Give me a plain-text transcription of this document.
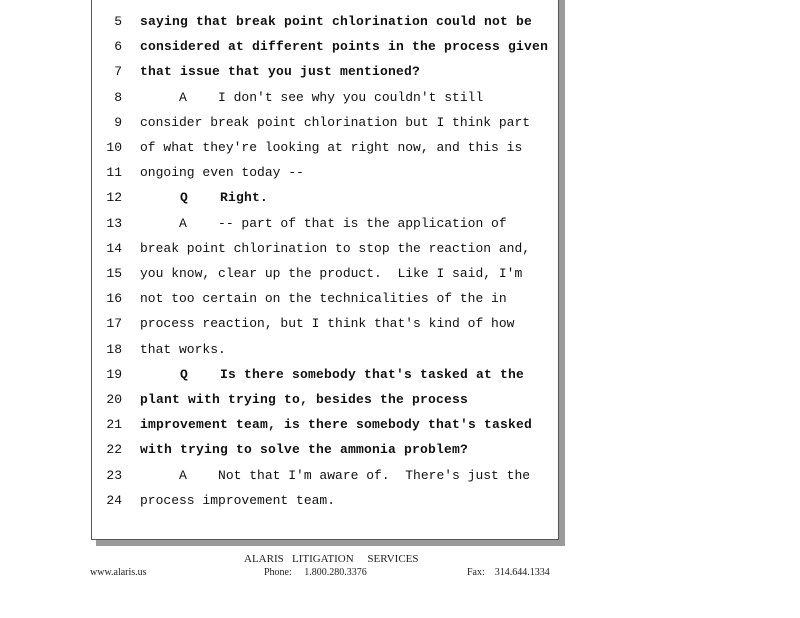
5 saying that break point chlorination could not be
6 considered at different points in the process given
7 that issue that you just mentioned?
8 A    I don't see why you couldn't still
9 consider break point chlorination but I think part
10 of what they're looking at right now, and this is
11 ongoing even today --
12 Q    Right.
13 A    -- part of that is the application of
14 break point chlorination to stop the reaction and,
15 you know, clear up the product.  Like I said, I'm
16 not too certain on the technicalities of the in
17 process reaction, but I think that's kind of how
18 that works.
19 Q    Is there somebody that's tasked at the
20 plant with trying to, besides the process
21 improvement team, is there somebody that's tasked
22 with trying to solve the ammonia problem?
23 A    Not that I'm aware of.  There's just the
24 process improvement team.
ALARIS   LITIGATION     SERVICES
www.alaris.us	Phone:     1.800.280.3376	Fax:    314.644.1334
